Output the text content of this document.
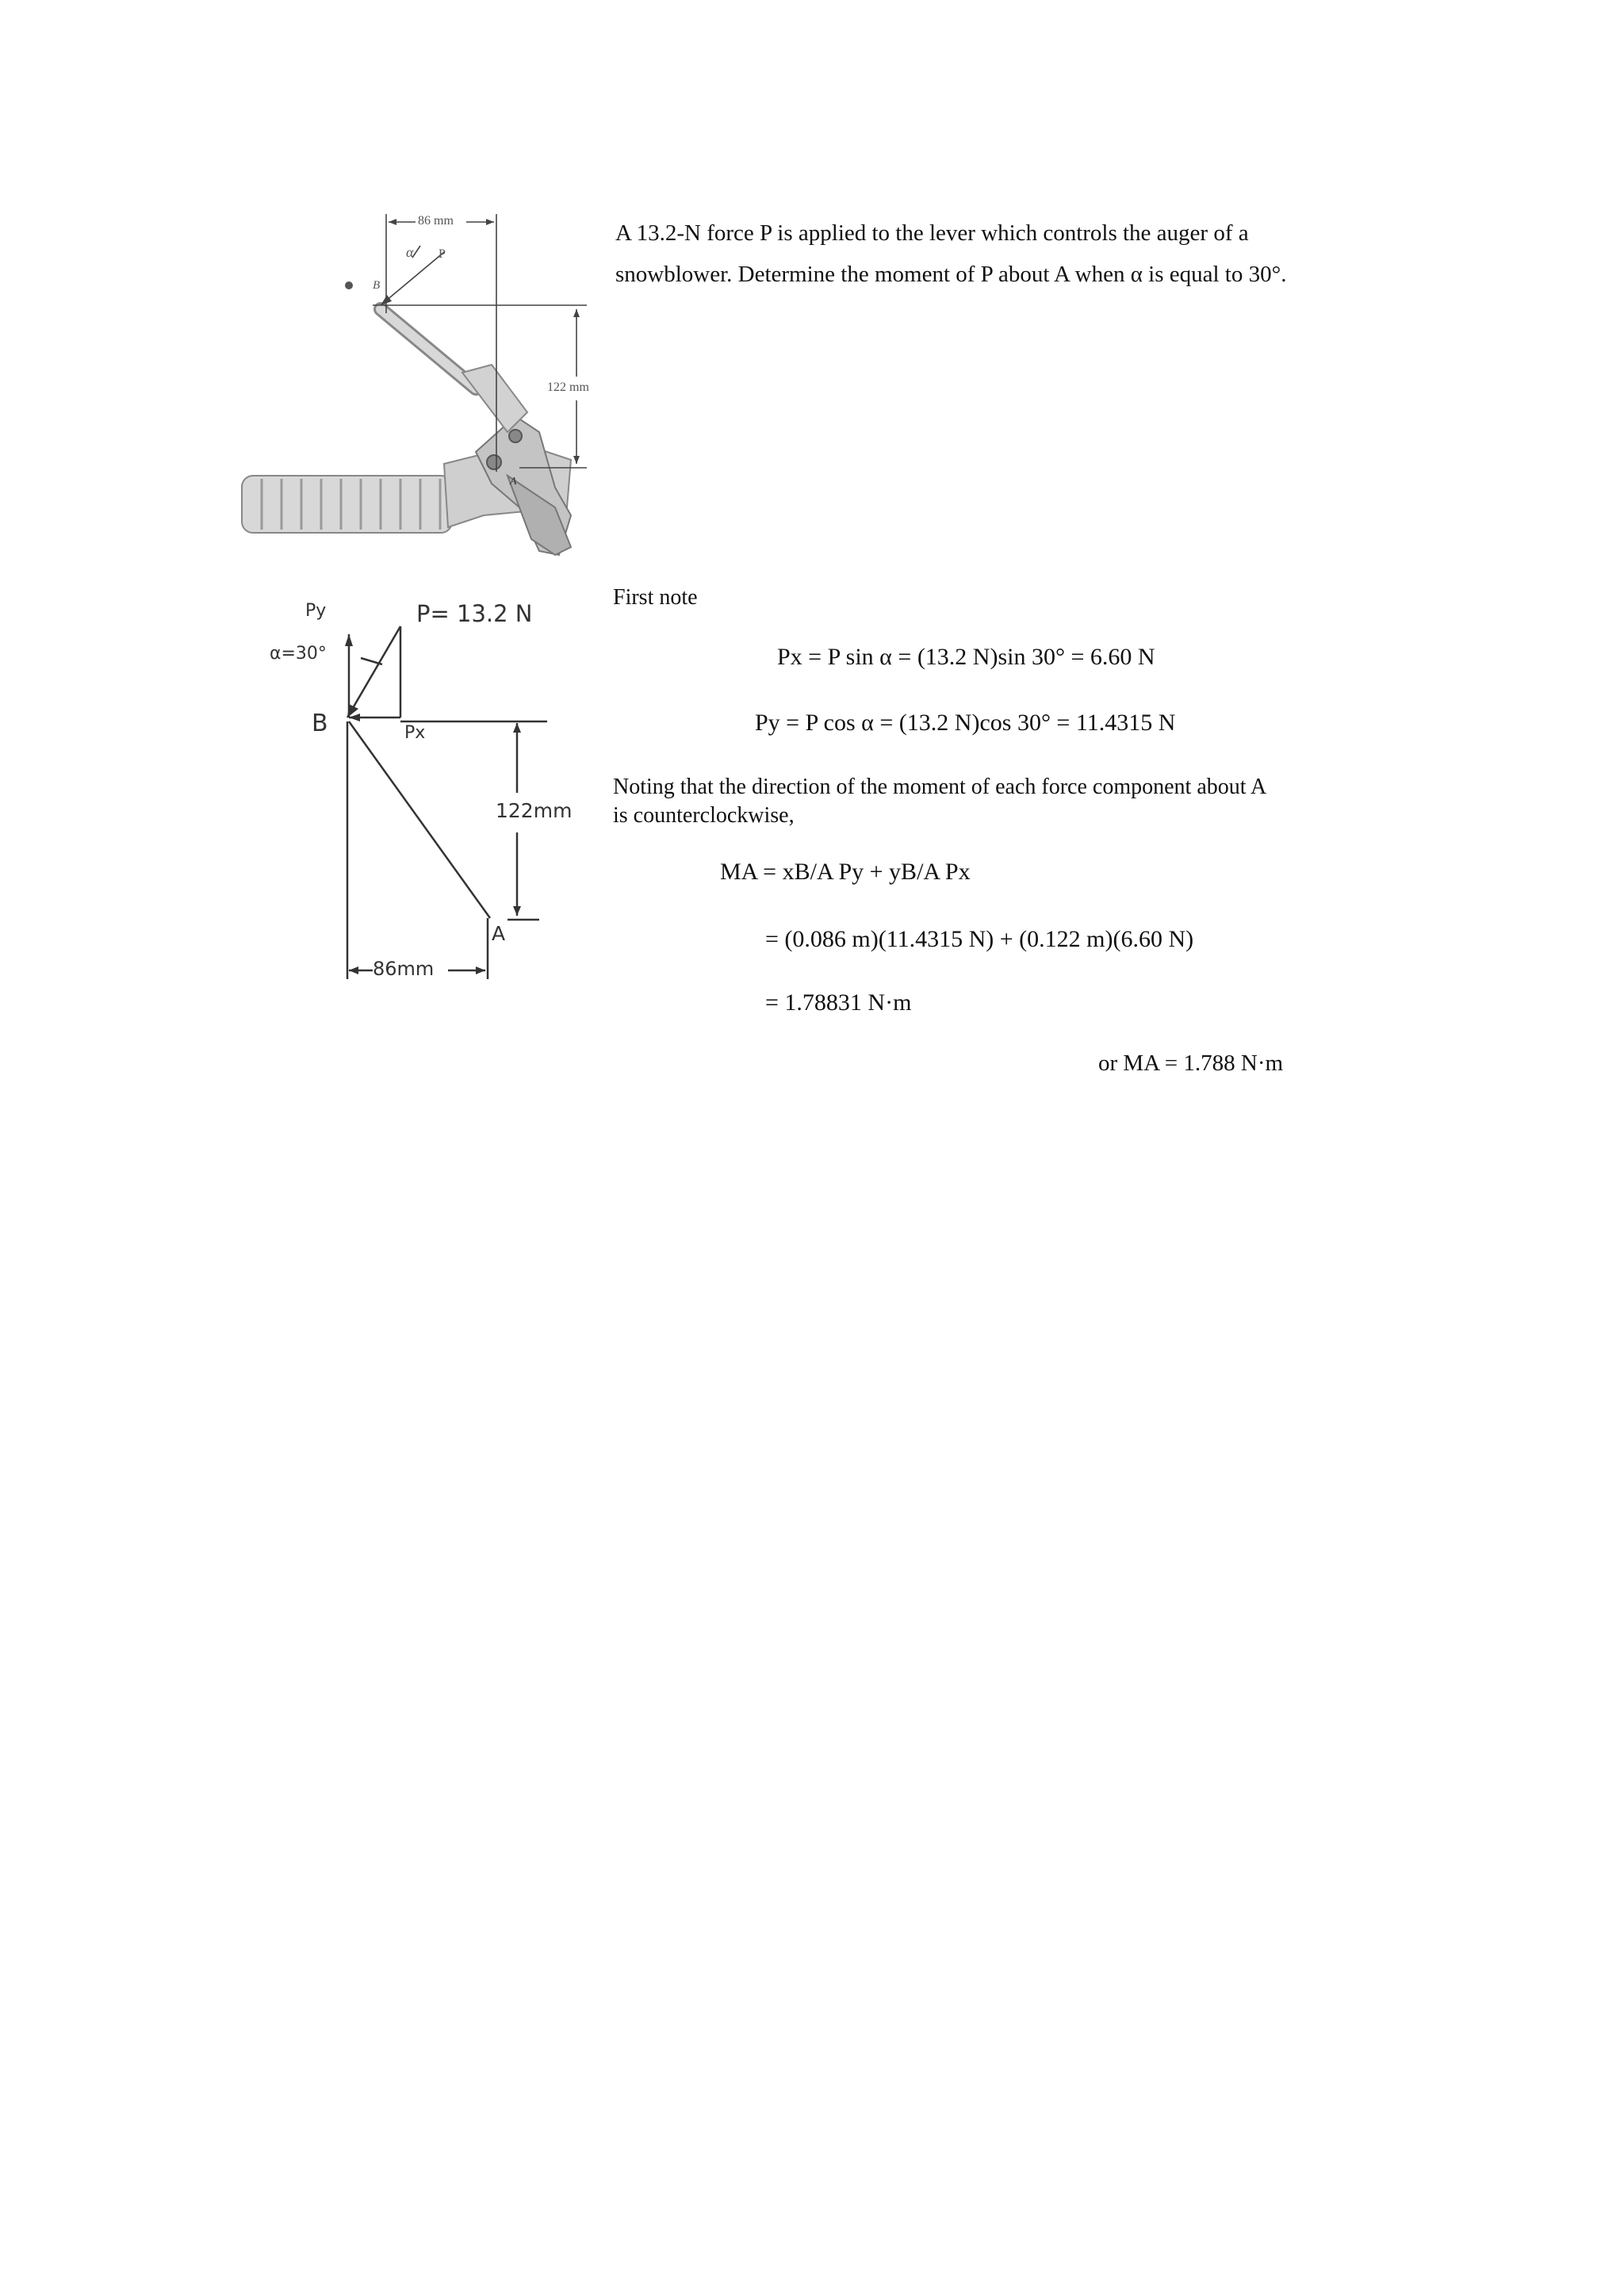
86 mm
122 mm
α P
B
A
P= 13.2 N
Py
α=30°
B	Px
122mm
A
86mm
A 13.2-N force P is applied to the lever which controls the auger of a
snowblower. Determine the moment of P about A when α is equal to 30°.
First note
Px = P sin α = (13.2 N)sin 30° = 6.60 N
Py = P cos α = (13.2 N)cos 30° = 11.4315 N
Noting that the direction of the moment of each force component about A
is counterclockwise,
MA = xB/A Py + yB/A Px
= (0.086 m)(11.4315 N) + (0.122 m)(6.60 N)
= 1.78831 N·m
or MA = 1.788 N·m
